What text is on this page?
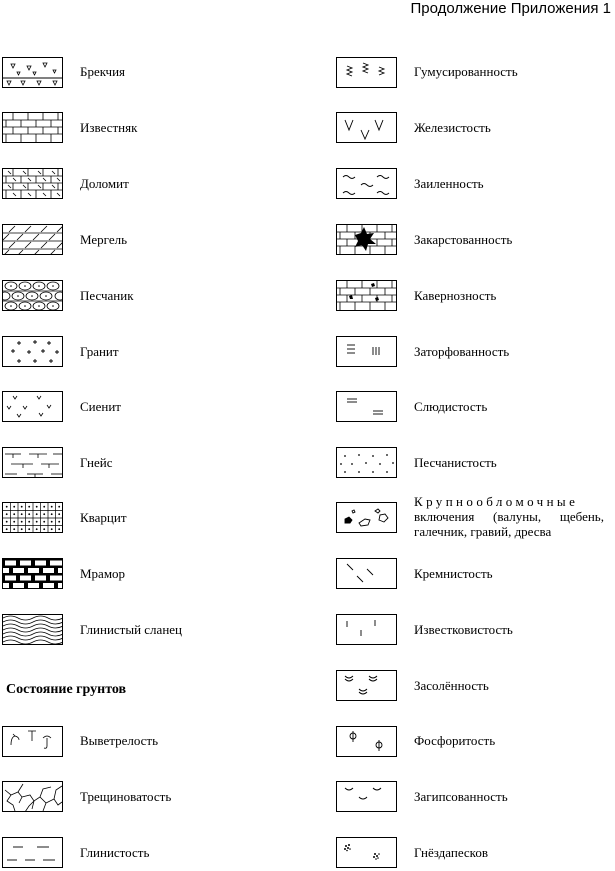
Продолжение Приложения 1
Брекчия
Известняк
Доломит
Мергель
Песчаник
Гранит
Сиенит
Гнейс
Кварцит
Мрамор
Глинистый сланец
Состояние грунтов
Выветрелость
Трещиноватость
Глинистость
Гумусированность
Железистость
Заиленность
Закарстованность
Кавернозность
Заторфованность
Слюдистость
Песчанистость
Крупнообломочные включения (валуны, щебень, галечник, гравий, дресва
Кремнистость
Известковистость
Засолённость
Фосфоритость
Загипсованность
Гнёздапесков
